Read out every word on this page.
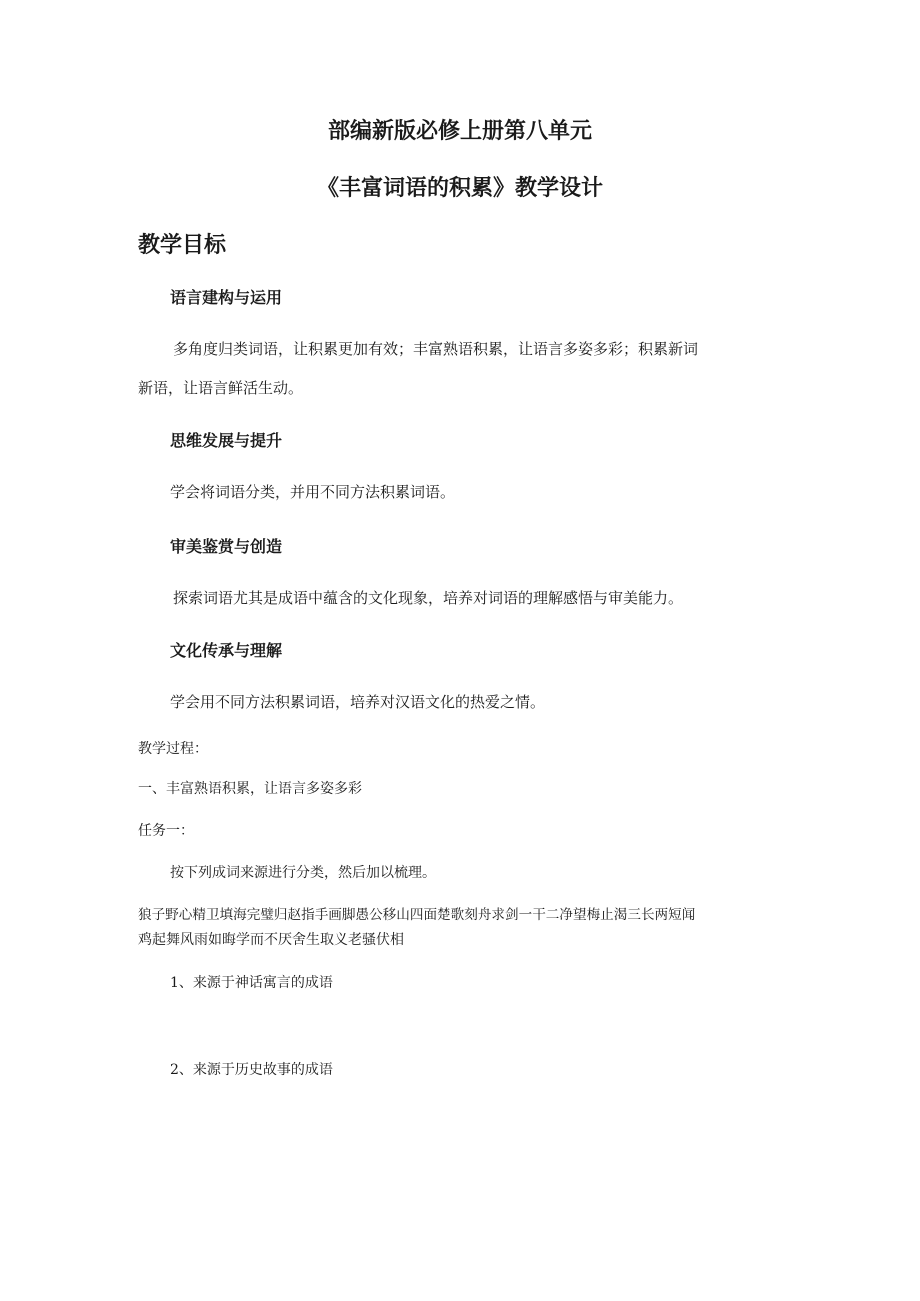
部编新版必修上册第八单元
《丰富词语的积累》教学设计
教学目标
语言建构与运用
多角度归类词语，让积累更加有效；丰富熟语积累，让语言多姿多彩；积累新词
新语，让语言鲜活生动。
思维发展与提升
学会将词语分类，并用不同方法积累词语。
审美鉴赏与创造
探索词语尤其是成语中蕴含的文化现象，培养对词语的理解感悟与审美能力。
文化传承与理解
学会用不同方法积累词语，培养对汉语文化的热爱之情。
教学过程：
一、丰富熟语积累，让语言多姿多彩
任务一：
按下列成词来源进行分类，然后加以梳理。
狼子野心精卫填海完璧归赵指手画脚愚公移山四面楚歌刻舟求剑一干二净望梅止渴三长两短闻
鸡起舞风雨如晦学而不厌舍生取义老骚伏相
1、来源于神话寓言的成语
2、来源于历史故事的成语
